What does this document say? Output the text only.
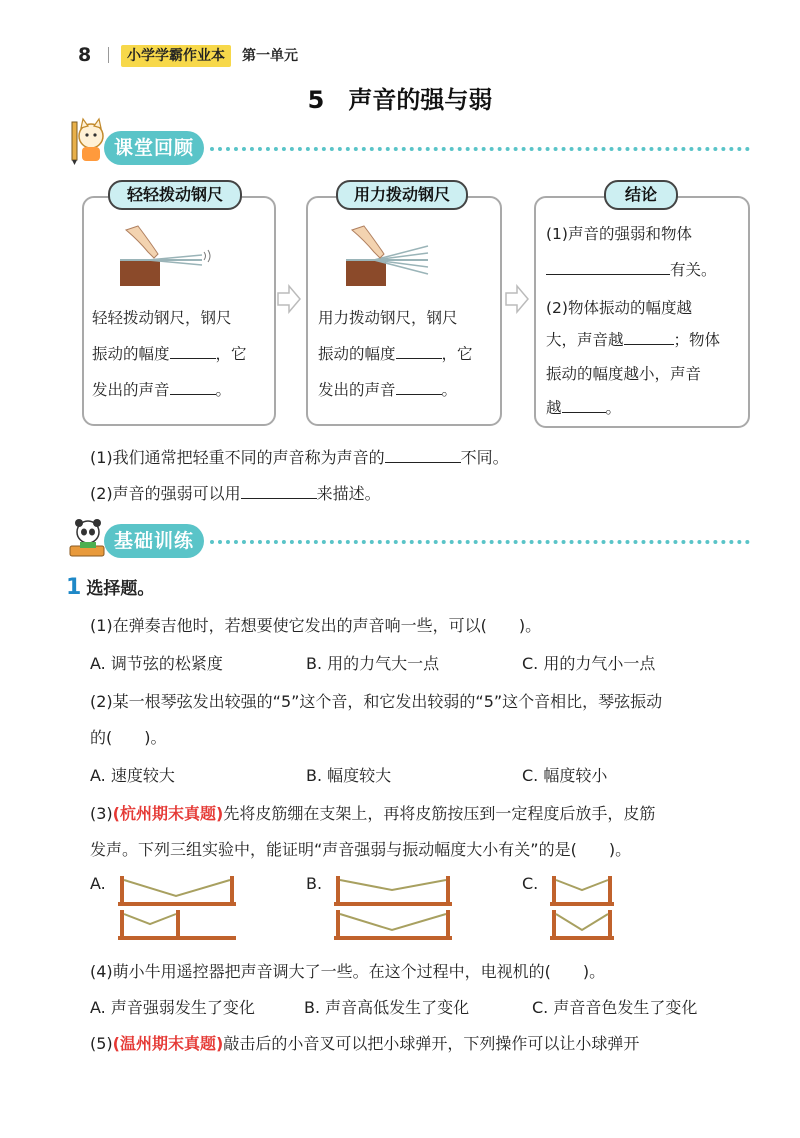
8	小学学霸作业本	第一单元
5　声音的强与弱
课堂回顾
轻轻拨动钢尺
轻轻拨动钢尺，钢尺
振动的幅度	，它
发出的声音	。
用力拨动钢尺
用力拨动钢尺，钢尺
振动的幅度	，它
发出的声音	。
结论
(1)声音的强弱和物体
有关。
(2)物体振动的幅度越
大，声音越	；物体
振动的幅度越小，声音
越	。
(1)我们通常把轻重不同的声音称为声音的	不同。
(2)声音的强弱可以用	来描述。
基础训练
1 选择题。
(1)在弹奏吉他时，若想要使它发出的声音响一些，可以(　　)。
A. 调节弦的松紧度	B. 用的力气大一点	C. 用的力气小一点
(2)某一根琴弦发出较强的“5”这个音，和它发出较弱的“5”这个音相比，琴弦振动
的(　　)。
A. 速度较大	B. 幅度较大	C. 幅度较小
(3)(杭州期末真题)先将皮筋绷在支架上，再将皮筋按压到一定程度后放手，皮筋
发声。下列三组实验中，能证明“声音强弱与振动幅度大小有关”的是(　　)。
A.	B.	C.
(4)萌小牛用遥控器把声音调大了一些。在这个过程中，电视机的(　　)。
A. 声音强弱发生了变化	B. 声音高低发生了变化	C. 声音音色发生了变化
(5)(温州期末真题)敲击后的小音叉可以把小球弹开，下列操作可以让小球弹开
